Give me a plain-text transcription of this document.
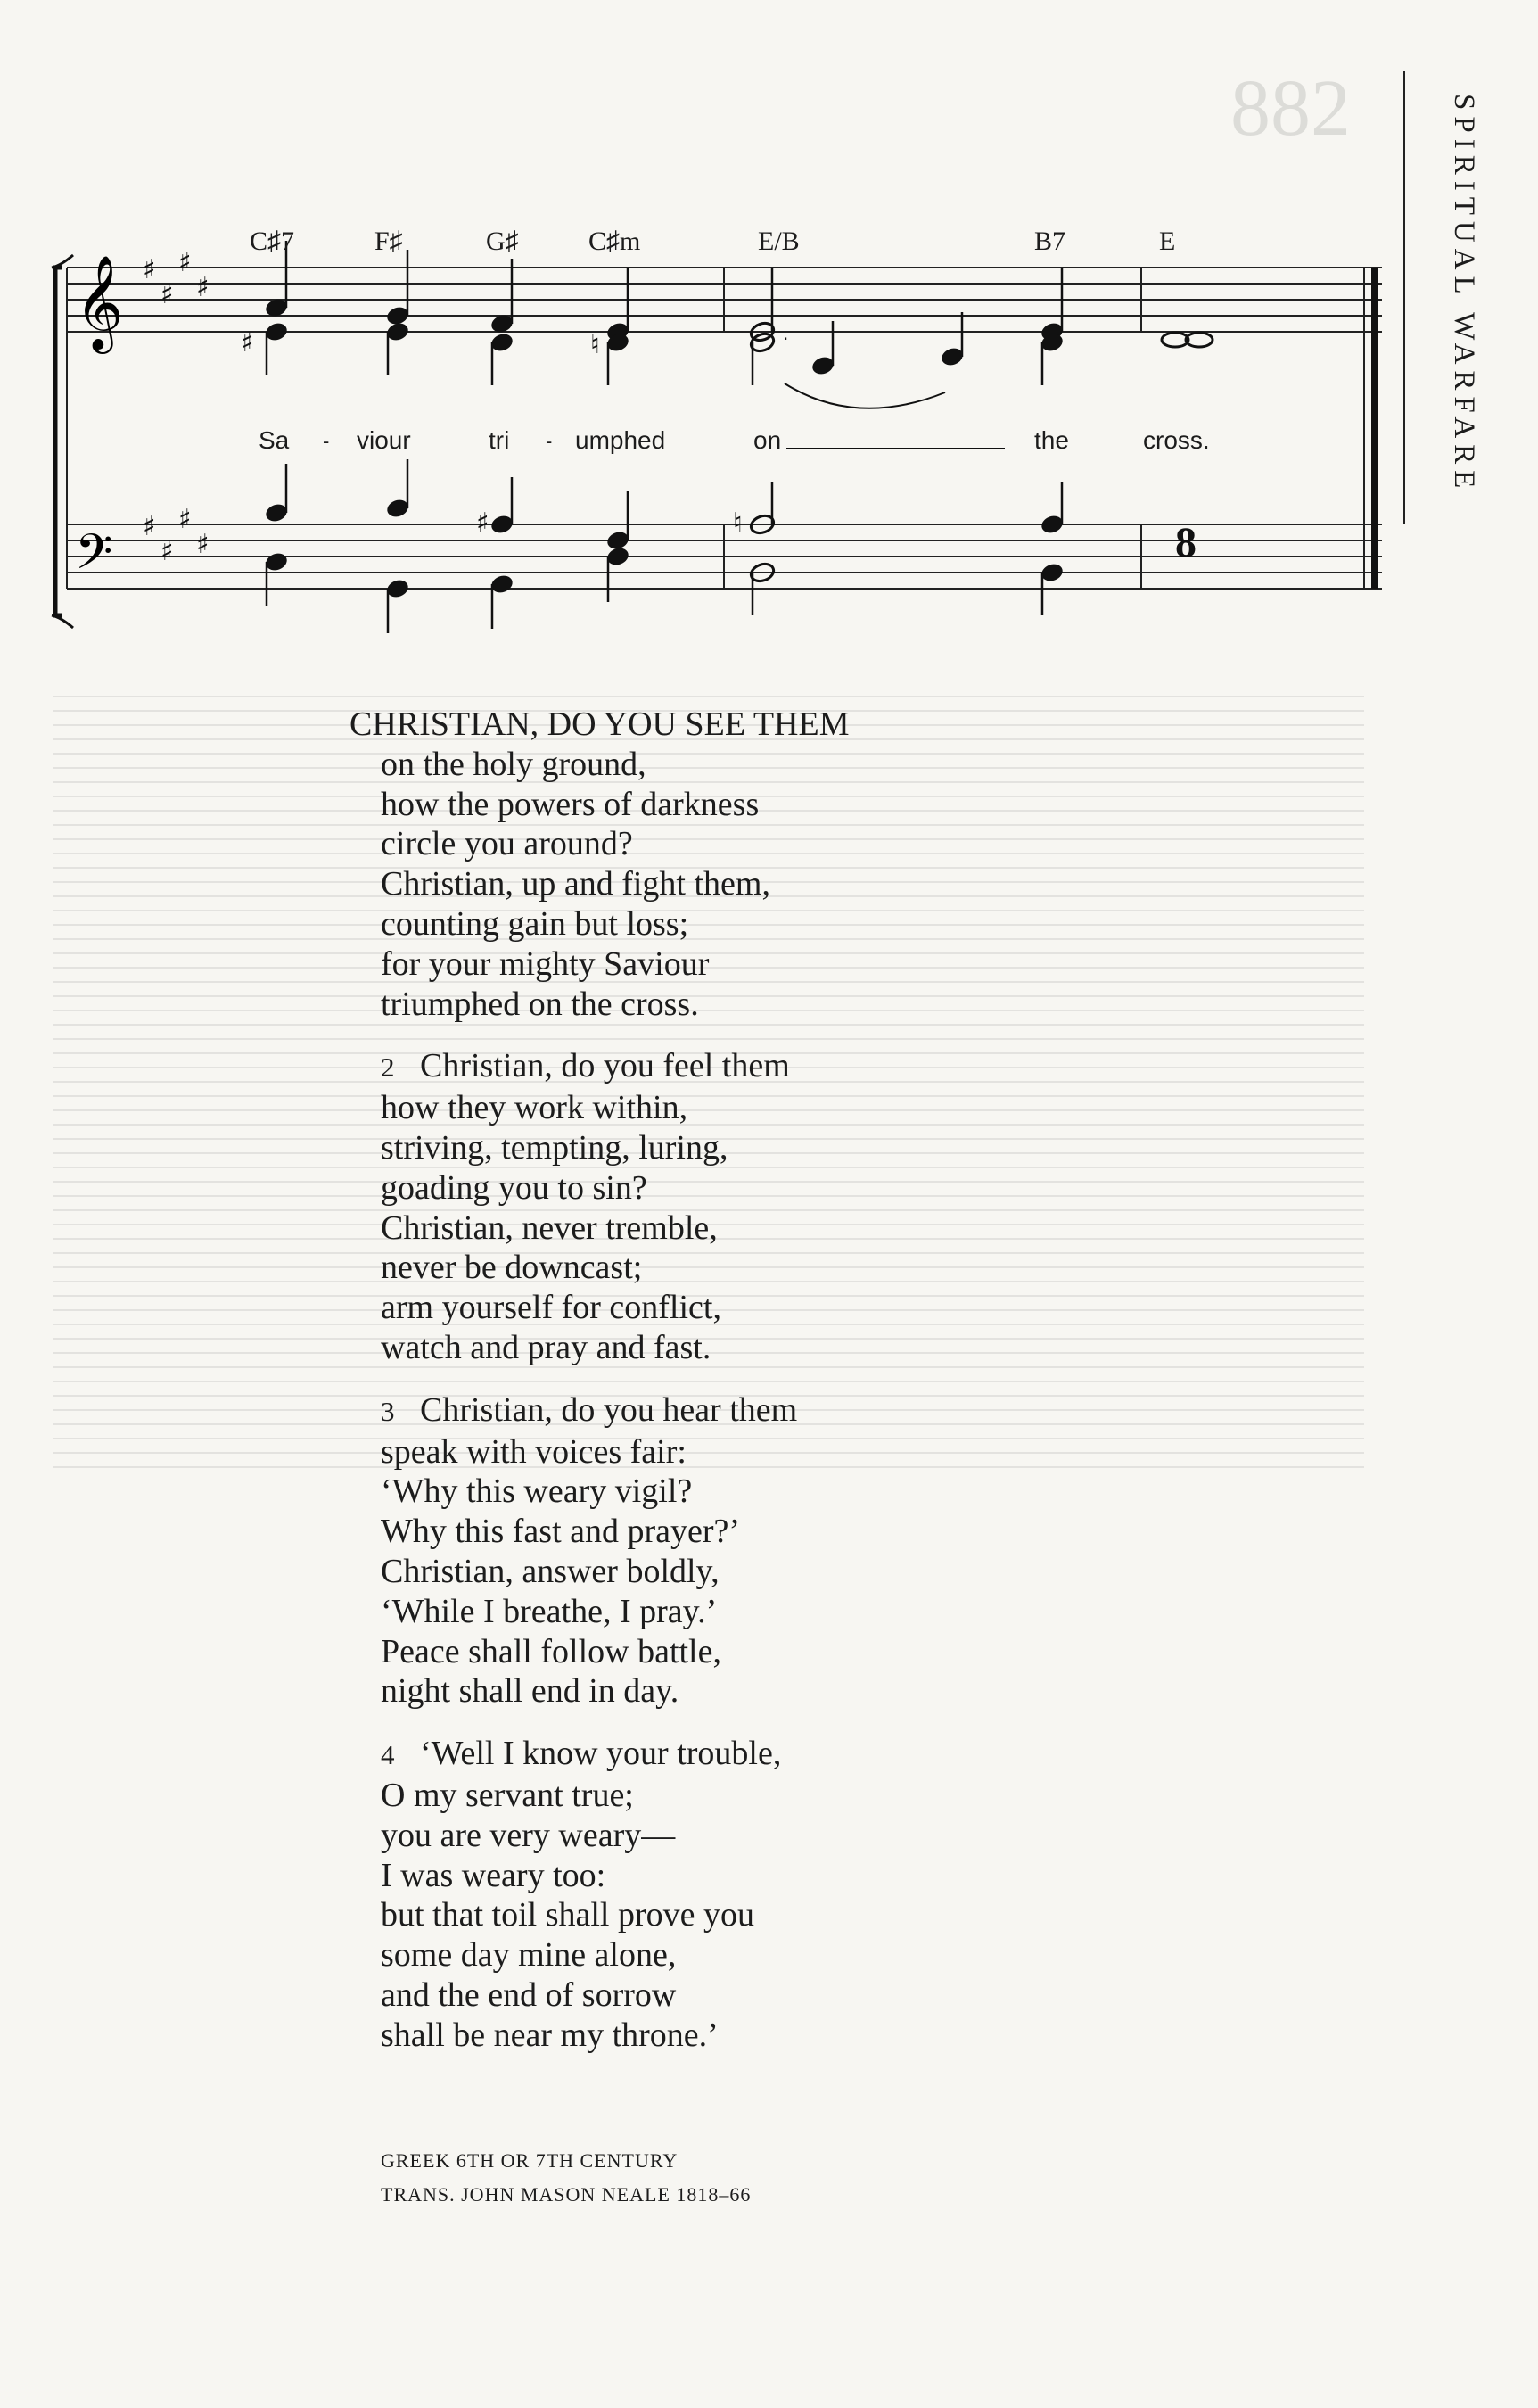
882	SPIRITUAL WARFARE
𝄞
𝄢
♯
♯
♯
♯
♯
♯
♯
♯
♯	♮
♯	♮
.
8
C♯7	F♯	G♯	C♯m	E/B	B7	E
Sa - viour	tri - umphed	on	the	cross.
CHRISTIAN, DO YOU SEE THEM
on the holy ground,
how the powers of darkness
circle you around?
Christian, up and fight them,
counting gain but loss;
for your mighty Saviour
triumphed on the cross.
2 Christian, do you feel them
how they work within,
striving, tempting, luring,
goading you to sin?
Christian, never tremble,
never be downcast;
arm yourself for conflict,
watch and pray and fast.
3 Christian, do you hear them
speak with voices fair:
‘Why this weary vigil?
Why this fast and prayer?’
Christian, answer boldly,
‘While I breathe, I pray.’
Peace shall follow battle,
night shall end in day.
4 ‘Well I know your trouble,
O my servant true;
you are very weary—
I was weary too:
but that toil shall prove you
some day mine alone,
and the end of sorrow
shall be near my throne.’
GREEK 6TH OR 7TH CENTURY
TRANS. JOHN MASON NEALE 1818–66
